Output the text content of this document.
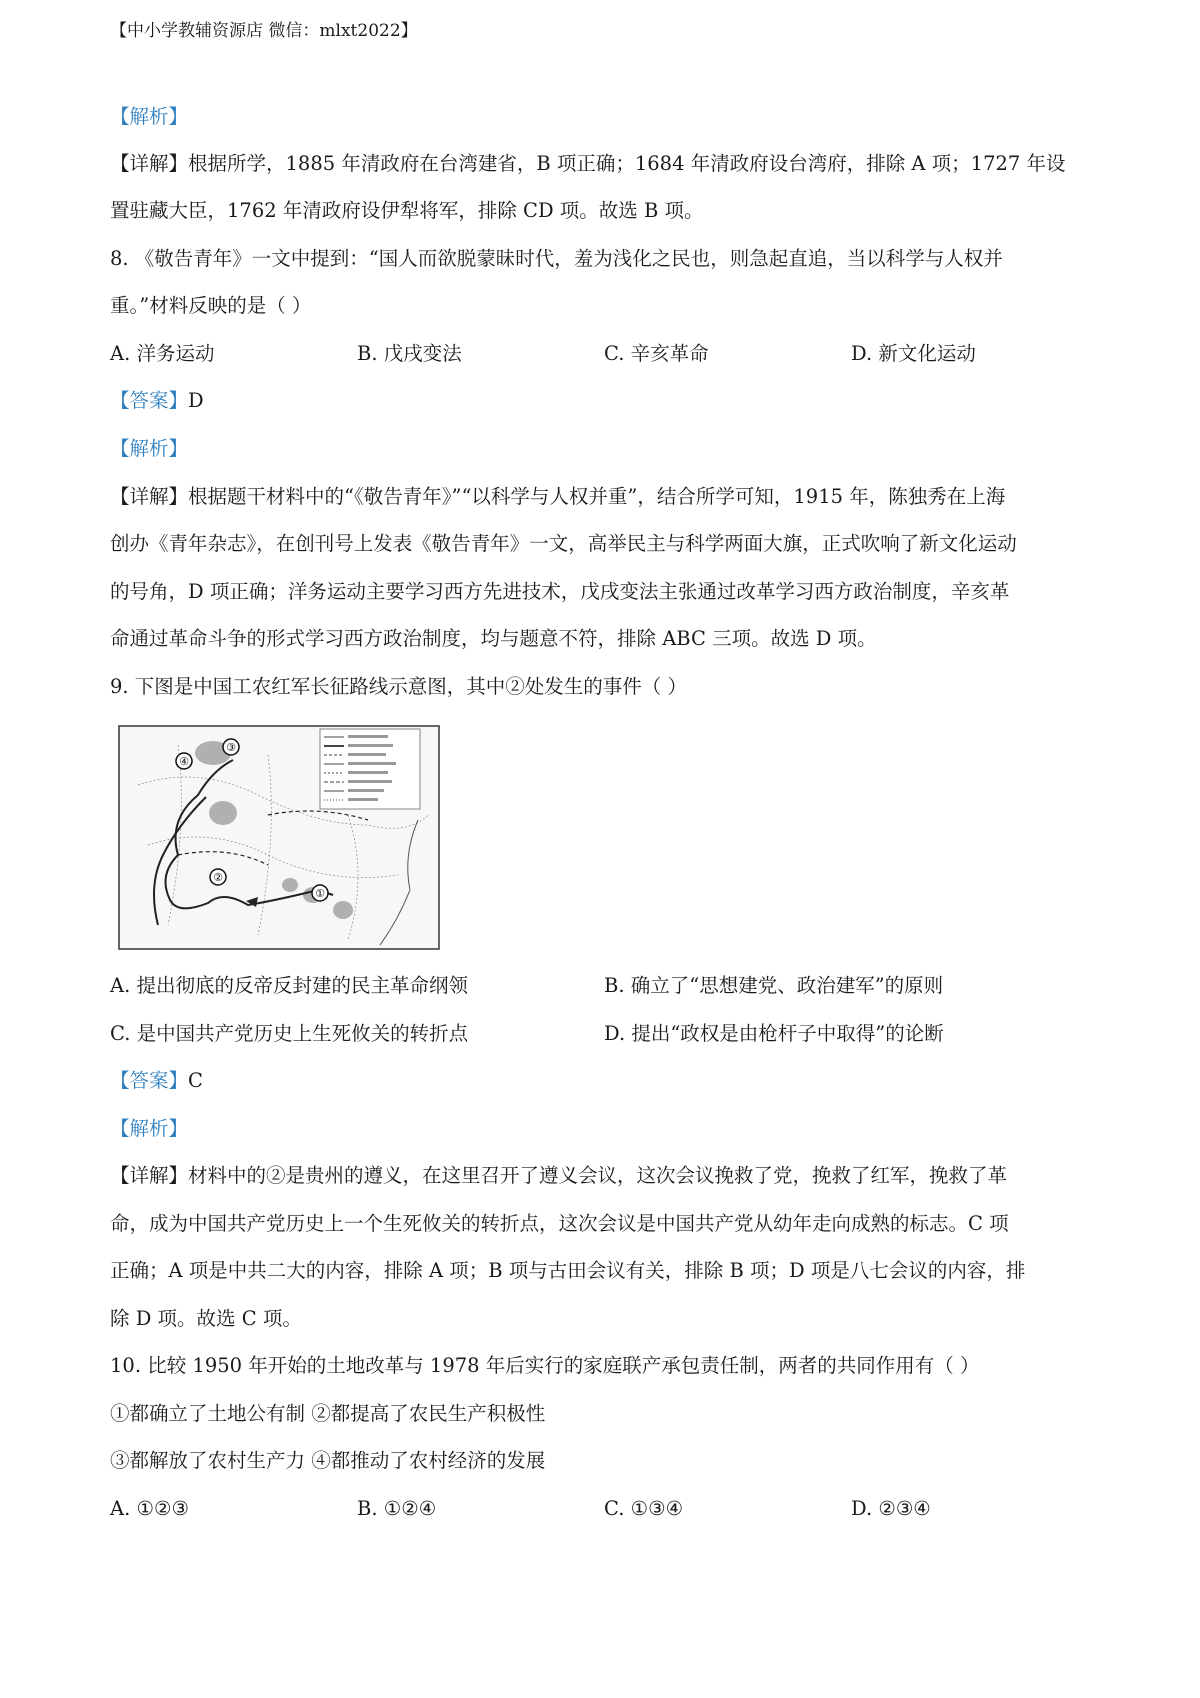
【中小学教辅资源店 微信：mlxt2022】
【解析】
【详解】根据所学，1885 年清政府在台湾建省，B 项正确；1684 年清政府设台湾府，排除 A 项；1727 年设
置驻藏大臣，1762 年清政府设伊犁将军，排除 CD 项。故选 B 项。
8. 《敬告青年》一文中提到：“国人而欲脱蒙昧时代，羞为浅化之民也，则急起直追，当以科学与人权并
重。”材料反映的是（ ）
A. 洋务运动	B. 戊戌变法	C. 辛亥革命	D. 新文化运动
【答案】D
【解析】
【详解】根据题干材料中的“《敬告青年》”“以科学与人权并重”，结合所学可知，1915 年，陈独秀在上海
创办《青年杂志》，在创刊号上发表《敬告青年》一文，高举民主与科学两面大旗，正式吹响了新文化运动
的号角，D 项正确；洋务运动主要学习西方先进技术，戊戌变法主张通过改革学习西方政治制度，辛亥革
命通过革命斗争的形式学习西方政治制度，均与题意不符，排除 ABC 三项。故选 D 项。
9. 下图是中国工农红军长征路线示意图，其中②处发生的事件（ ）
①
②
③
④
A. 提出彻底的反帝反封建的民主革命纲领	B. 确立了“思想建党、政治建军”的原则
C. 是中国共产党历史上生死攸关的转折点	D. 提出“政权是由枪杆子中取得”的论断
【答案】C
【解析】
【详解】材料中的②是贵州的遵义，在这里召开了遵义会议，这次会议挽救了党，挽救了红军，挽救了革
命，成为中国共产党历史上一个生死攸关的转折点，这次会议是中国共产党从幼年走向成熟的标志。C 项
正确；A 项是中共二大的内容，排除 A 项；B 项与古田会议有关，排除 B 项；D 项是八七会议的内容，排
除 D 项。故选 C 项。
10. 比较 1950 年开始的土地改革与 1978 年后实行的家庭联产承包责任制，两者的共同作用有（ ）
①都确立了土地公有制 ②都提高了农民生产积极性
③都解放了农村生产力 ④都推动了农村经济的发展
A. ①②③	B. ①②④	C. ①③④	D. ②③④
